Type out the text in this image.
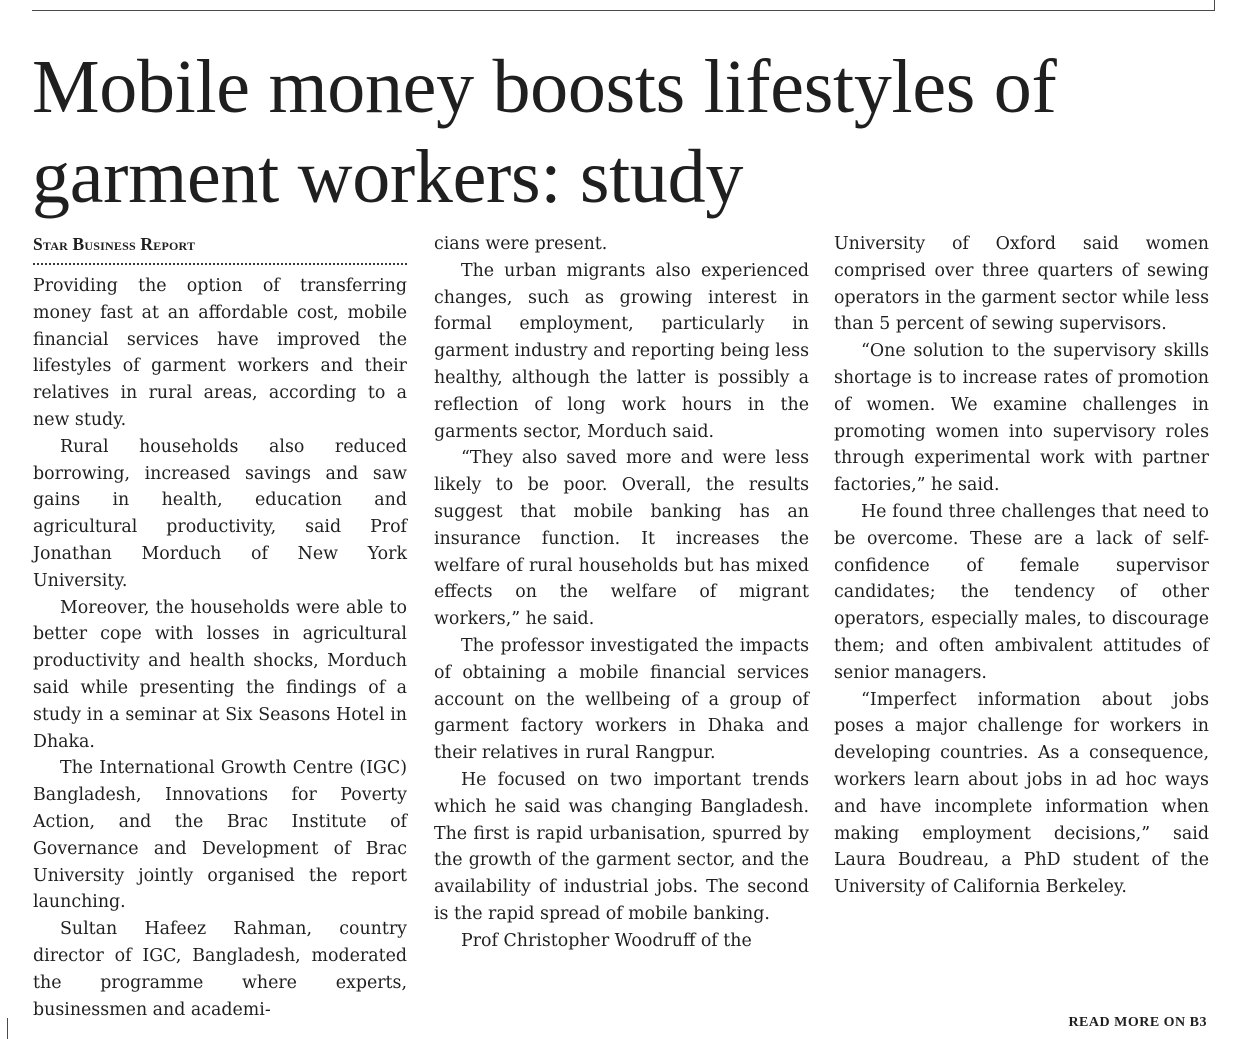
Mobile money boosts lifestyles of garment workers: study
Star Business Report

Providing the option of transferring money fast at an affordable cost, mobile financial services have improved the lifestyles of garment workers and their relatives in rural areas, according to a new study.

Rural households also reduced borrowing, increased savings and saw gains in health, education and agricultural productivity, said Prof Jonathan Morduch of New York University.

Moreover, the households were able to better cope with losses in agricultural productivity and health shocks, Morduch said while presenting the findings of a study in a seminar at Six Seasons Hotel in Dhaka.

The International Growth Centre (IGC) Bangladesh, Innovations for Poverty Action, and the Brac Institute of Governance and Development of Brac University jointly organised the report launching.

Sultan Hafeez Rahman, country director of IGC, Bangladesh, moderated the programme where experts, businessmen and academi-

cians were present.

The urban migrants also experienced changes, such as growing interest in formal employment, particularly in garment industry and reporting being less healthy, although the latter is possibly a reflection of long work hours in the garments sector, Morduch said.

“They also saved more and were less likely to be poor. Overall, the results suggest that mobile banking has an insurance function. It increases the welfare of rural households but has mixed effects on the welfare of migrant workers,” he said.

The professor investigated the impacts of obtaining a mobile financial services account on the wellbeing of a group of garment factory workers in Dhaka and their relatives in rural Rangpur.

He focused on two important trends which he said was changing Bangladesh. The first is rapid urbanisation, spurred by the growth of the garment sector, and the availability of industrial jobs. The second is the rapid spread of mobile banking.

Prof Christopher Woodruff of the

University of Oxford said women comprised over three quarters of sewing operators in the garment sector while less than 5 percent of sewing supervisors.

“One solution to the supervisory skills shortage is to increase rates of promotion of women. We examine challenges in promoting women into supervisory roles through experimental work with partner factories,” he said.

He found three challenges that need to be overcome. These are a lack of self-confidence of female supervisor candidates; the tendency of other operators, especially males, to discourage them; and often ambivalent attitudes of senior managers.

“Imperfect information about jobs poses a major challenge for workers in developing countries. As a consequence, workers learn about jobs in ad hoc ways and have incomplete information when making employment decisions,” said Laura Boudreau, a PhD student of the University of California Berkeley.

READ MORE ON B3
